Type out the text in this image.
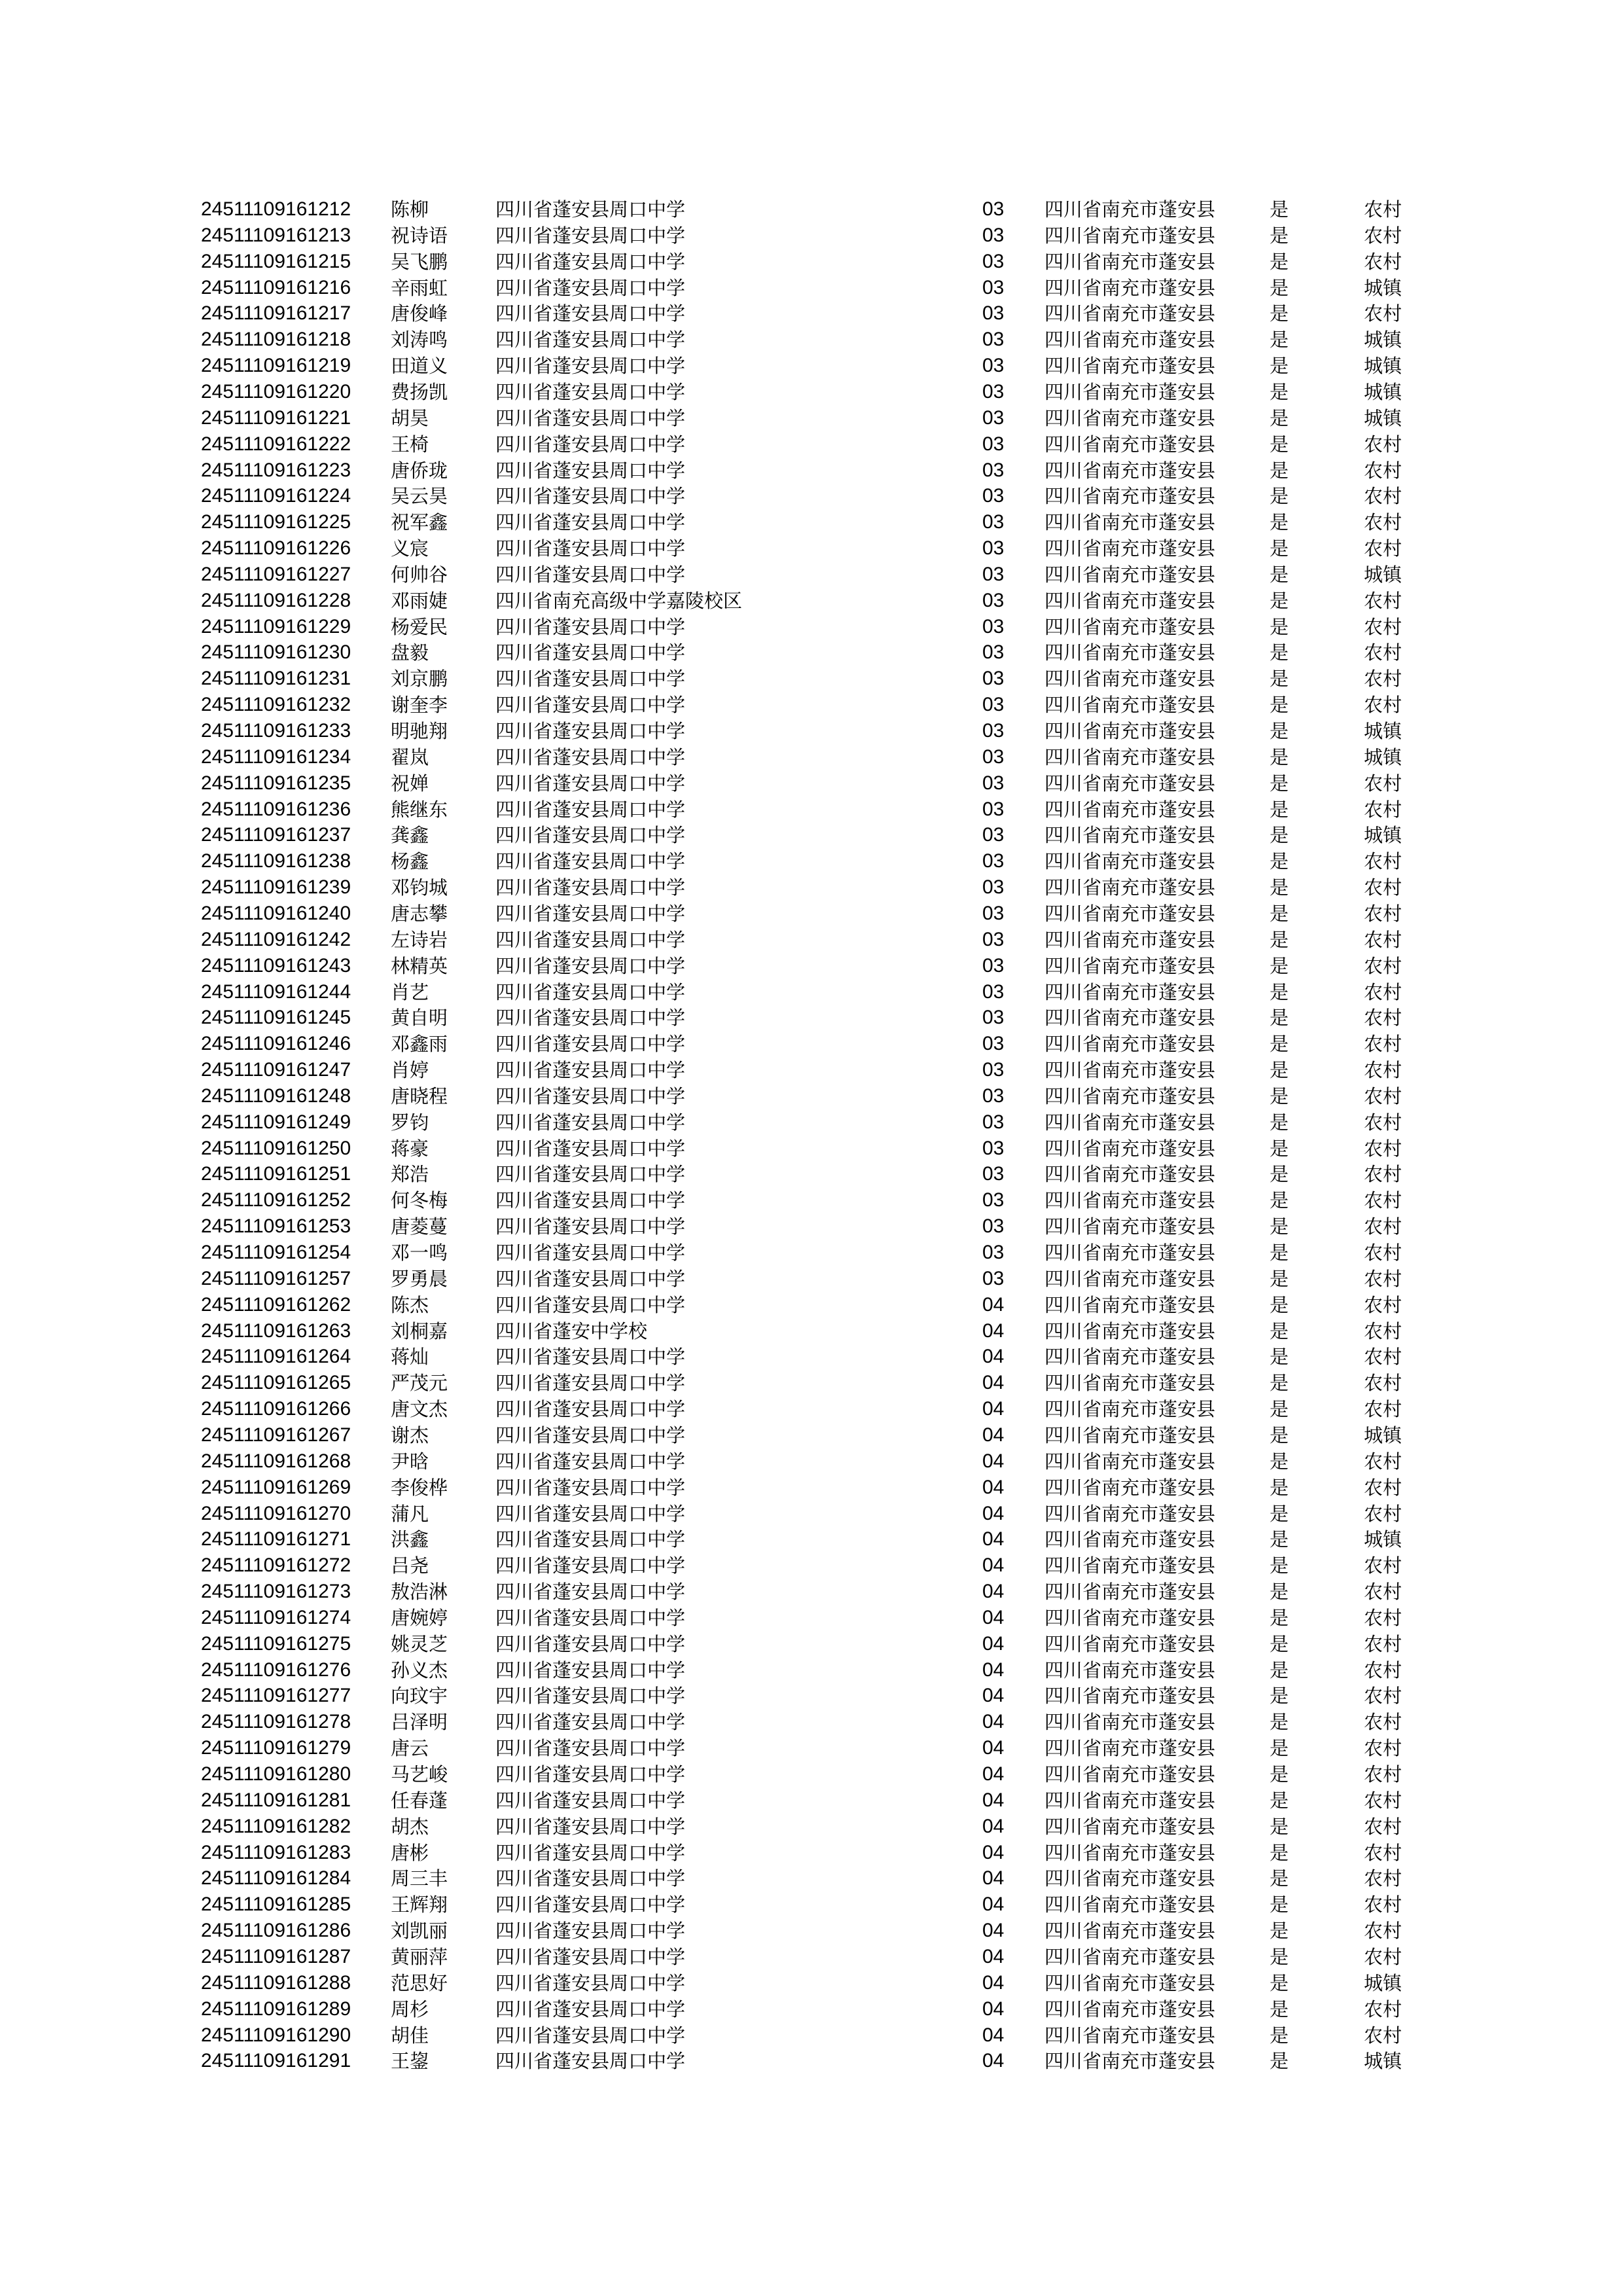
24511109161212 陈柳	四川省蓬安县周口中学	03 四川省南充市蓬安县	是	农村
24511109161213 祝诗语	四川省蓬安县周口中学	03 四川省南充市蓬安县	是	农村
24511109161215 吴飞鹏	四川省蓬安县周口中学	03 四川省南充市蓬安县	是	农村
24511109161216 辛雨虹	四川省蓬安县周口中学	03 四川省南充市蓬安县	是	城镇
24511109161217 唐俊峰	四川省蓬安县周口中学	03 四川省南充市蓬安县	是	农村
24511109161218 刘涛鸣	四川省蓬安县周口中学	03 四川省南充市蓬安县	是	城镇
24511109161219 田道义	四川省蓬安县周口中学	03 四川省南充市蓬安县	是	城镇
24511109161220 费扬凯	四川省蓬安县周口中学	03 四川省南充市蓬安县	是	城镇
24511109161221 胡昊	四川省蓬安县周口中学	03 四川省南充市蓬安县	是	城镇
24511109161222 王椅	四川省蓬安县周口中学	03 四川省南充市蓬安县	是	农村
24511109161223 唐侨珑	四川省蓬安县周口中学	03 四川省南充市蓬安县	是	农村
24511109161224 吴云昊	四川省蓬安县周口中学	03 四川省南充市蓬安县	是	农村
24511109161225 祝军鑫	四川省蓬安县周口中学	03 四川省南充市蓬安县	是	农村
24511109161226 义宸	四川省蓬安县周口中学	03 四川省南充市蓬安县	是	农村
24511109161227 何帅谷	四川省蓬安县周口中学	03 四川省南充市蓬安县	是	城镇
24511109161228 邓雨婕	四川省南充高级中学嘉陵校区	03 四川省南充市蓬安县	是	农村
24511109161229 杨爱民	四川省蓬安县周口中学	03 四川省南充市蓬安县	是	农村
24511109161230 盘毅	四川省蓬安县周口中学	03 四川省南充市蓬安县	是	农村
24511109161231 刘京鹏	四川省蓬安县周口中学	03 四川省南充市蓬安县	是	农村
24511109161232 谢奎李	四川省蓬安县周口中学	03 四川省南充市蓬安县	是	农村
24511109161233 明驰翔	四川省蓬安县周口中学	03 四川省南充市蓬安县	是	城镇
24511109161234 翟岚	四川省蓬安县周口中学	03 四川省南充市蓬安县	是	城镇
24511109161235 祝婵	四川省蓬安县周口中学	03 四川省南充市蓬安县	是	农村
24511109161236 熊继东	四川省蓬安县周口中学	03 四川省南充市蓬安县	是	农村
24511109161237 龚鑫	四川省蓬安县周口中学	03 四川省南充市蓬安县	是	城镇
24511109161238 杨鑫	四川省蓬安县周口中学	03 四川省南充市蓬安县	是	农村
24511109161239 邓钧城	四川省蓬安县周口中学	03 四川省南充市蓬安县	是	农村
24511109161240 唐志攀	四川省蓬安县周口中学	03 四川省南充市蓬安县	是	农村
24511109161242 左诗岩	四川省蓬安县周口中学	03 四川省南充市蓬安县	是	农村
24511109161243 林精英	四川省蓬安县周口中学	03 四川省南充市蓬安县	是	农村
24511109161244 肖艺	四川省蓬安县周口中学	03 四川省南充市蓬安县	是	农村
24511109161245 黄自明	四川省蓬安县周口中学	03 四川省南充市蓬安县	是	农村
24511109161246 邓鑫雨	四川省蓬安县周口中学	03 四川省南充市蓬安县	是	农村
24511109161247 肖婷	四川省蓬安县周口中学	03 四川省南充市蓬安县	是	农村
24511109161248 唐晓程	四川省蓬安县周口中学	03 四川省南充市蓬安县	是	农村
24511109161249 罗钧	四川省蓬安县周口中学	03 四川省南充市蓬安县	是	农村
24511109161250 蒋豪	四川省蓬安县周口中学	03 四川省南充市蓬安县	是	农村
24511109161251 郑浩	四川省蓬安县周口中学	03 四川省南充市蓬安县	是	农村
24511109161252 何冬梅	四川省蓬安县周口中学	03 四川省南充市蓬安县	是	农村
24511109161253 唐菱蔓	四川省蓬安县周口中学	03 四川省南充市蓬安县	是	农村
24511109161254 邓一鸣	四川省蓬安县周口中学	03 四川省南充市蓬安县	是	农村
24511109161257 罗勇晨	四川省蓬安县周口中学	03 四川省南充市蓬安县	是	农村
24511109161262 陈杰	四川省蓬安县周口中学	04 四川省南充市蓬安县	是	农村
24511109161263 刘桐嘉	四川省蓬安中学校	04 四川省南充市蓬安县	是	农村
24511109161264 蒋灿	四川省蓬安县周口中学	04 四川省南充市蓬安县	是	农村
24511109161265 严茂元	四川省蓬安县周口中学	04 四川省南充市蓬安县	是	农村
24511109161266 唐文杰	四川省蓬安县周口中学	04 四川省南充市蓬安县	是	农村
24511109161267 谢杰	四川省蓬安县周口中学	04 四川省南充市蓬安县	是	城镇
24511109161268 尹晗	四川省蓬安县周口中学	04 四川省南充市蓬安县	是	农村
24511109161269 李俊桦	四川省蓬安县周口中学	04 四川省南充市蓬安县	是	农村
24511109161270 蒲凡	四川省蓬安县周口中学	04 四川省南充市蓬安县	是	农村
24511109161271 洪鑫	四川省蓬安县周口中学	04 四川省南充市蓬安县	是	城镇
24511109161272 吕尧	四川省蓬安县周口中学	04 四川省南充市蓬安县	是	农村
24511109161273 敖浩淋	四川省蓬安县周口中学	04 四川省南充市蓬安县	是	农村
24511109161274 唐婉婷	四川省蓬安县周口中学	04 四川省南充市蓬安县	是	农村
24511109161275 姚灵芝	四川省蓬安县周口中学	04 四川省南充市蓬安县	是	农村
24511109161276 孙义杰	四川省蓬安县周口中学	04 四川省南充市蓬安县	是	农村
24511109161277 向玟宇	四川省蓬安县周口中学	04 四川省南充市蓬安县	是	农村
24511109161278 吕泽明	四川省蓬安县周口中学	04 四川省南充市蓬安县	是	农村
24511109161279 唐云	四川省蓬安县周口中学	04 四川省南充市蓬安县	是	农村
24511109161280 马艺峻	四川省蓬安县周口中学	04 四川省南充市蓬安县	是	农村
24511109161281 任春蓬	四川省蓬安县周口中学	04 四川省南充市蓬安县	是	农村
24511109161282 胡杰	四川省蓬安县周口中学	04 四川省南充市蓬安县	是	农村
24511109161283 唐彬	四川省蓬安县周口中学	04 四川省南充市蓬安县	是	农村
24511109161284 周三丰	四川省蓬安县周口中学	04 四川省南充市蓬安县	是	农村
24511109161285 王辉翔	四川省蓬安县周口中学	04 四川省南充市蓬安县	是	农村
24511109161286 刘凯丽	四川省蓬安县周口中学	04 四川省南充市蓬安县	是	农村
24511109161287 黄丽萍	四川省蓬安县周口中学	04 四川省南充市蓬安县	是	农村
24511109161288 范思好	四川省蓬安县周口中学	04 四川省南充市蓬安县	是	城镇
24511109161289 周杉	四川省蓬安县周口中学	04 四川省南充市蓬安县	是	农村
24511109161290 胡佳	四川省蓬安县周口中学	04 四川省南充市蓬安县	是	农村
24511109161291 王鋆	四川省蓬安县周口中学	04 四川省南充市蓬安县	是	城镇
